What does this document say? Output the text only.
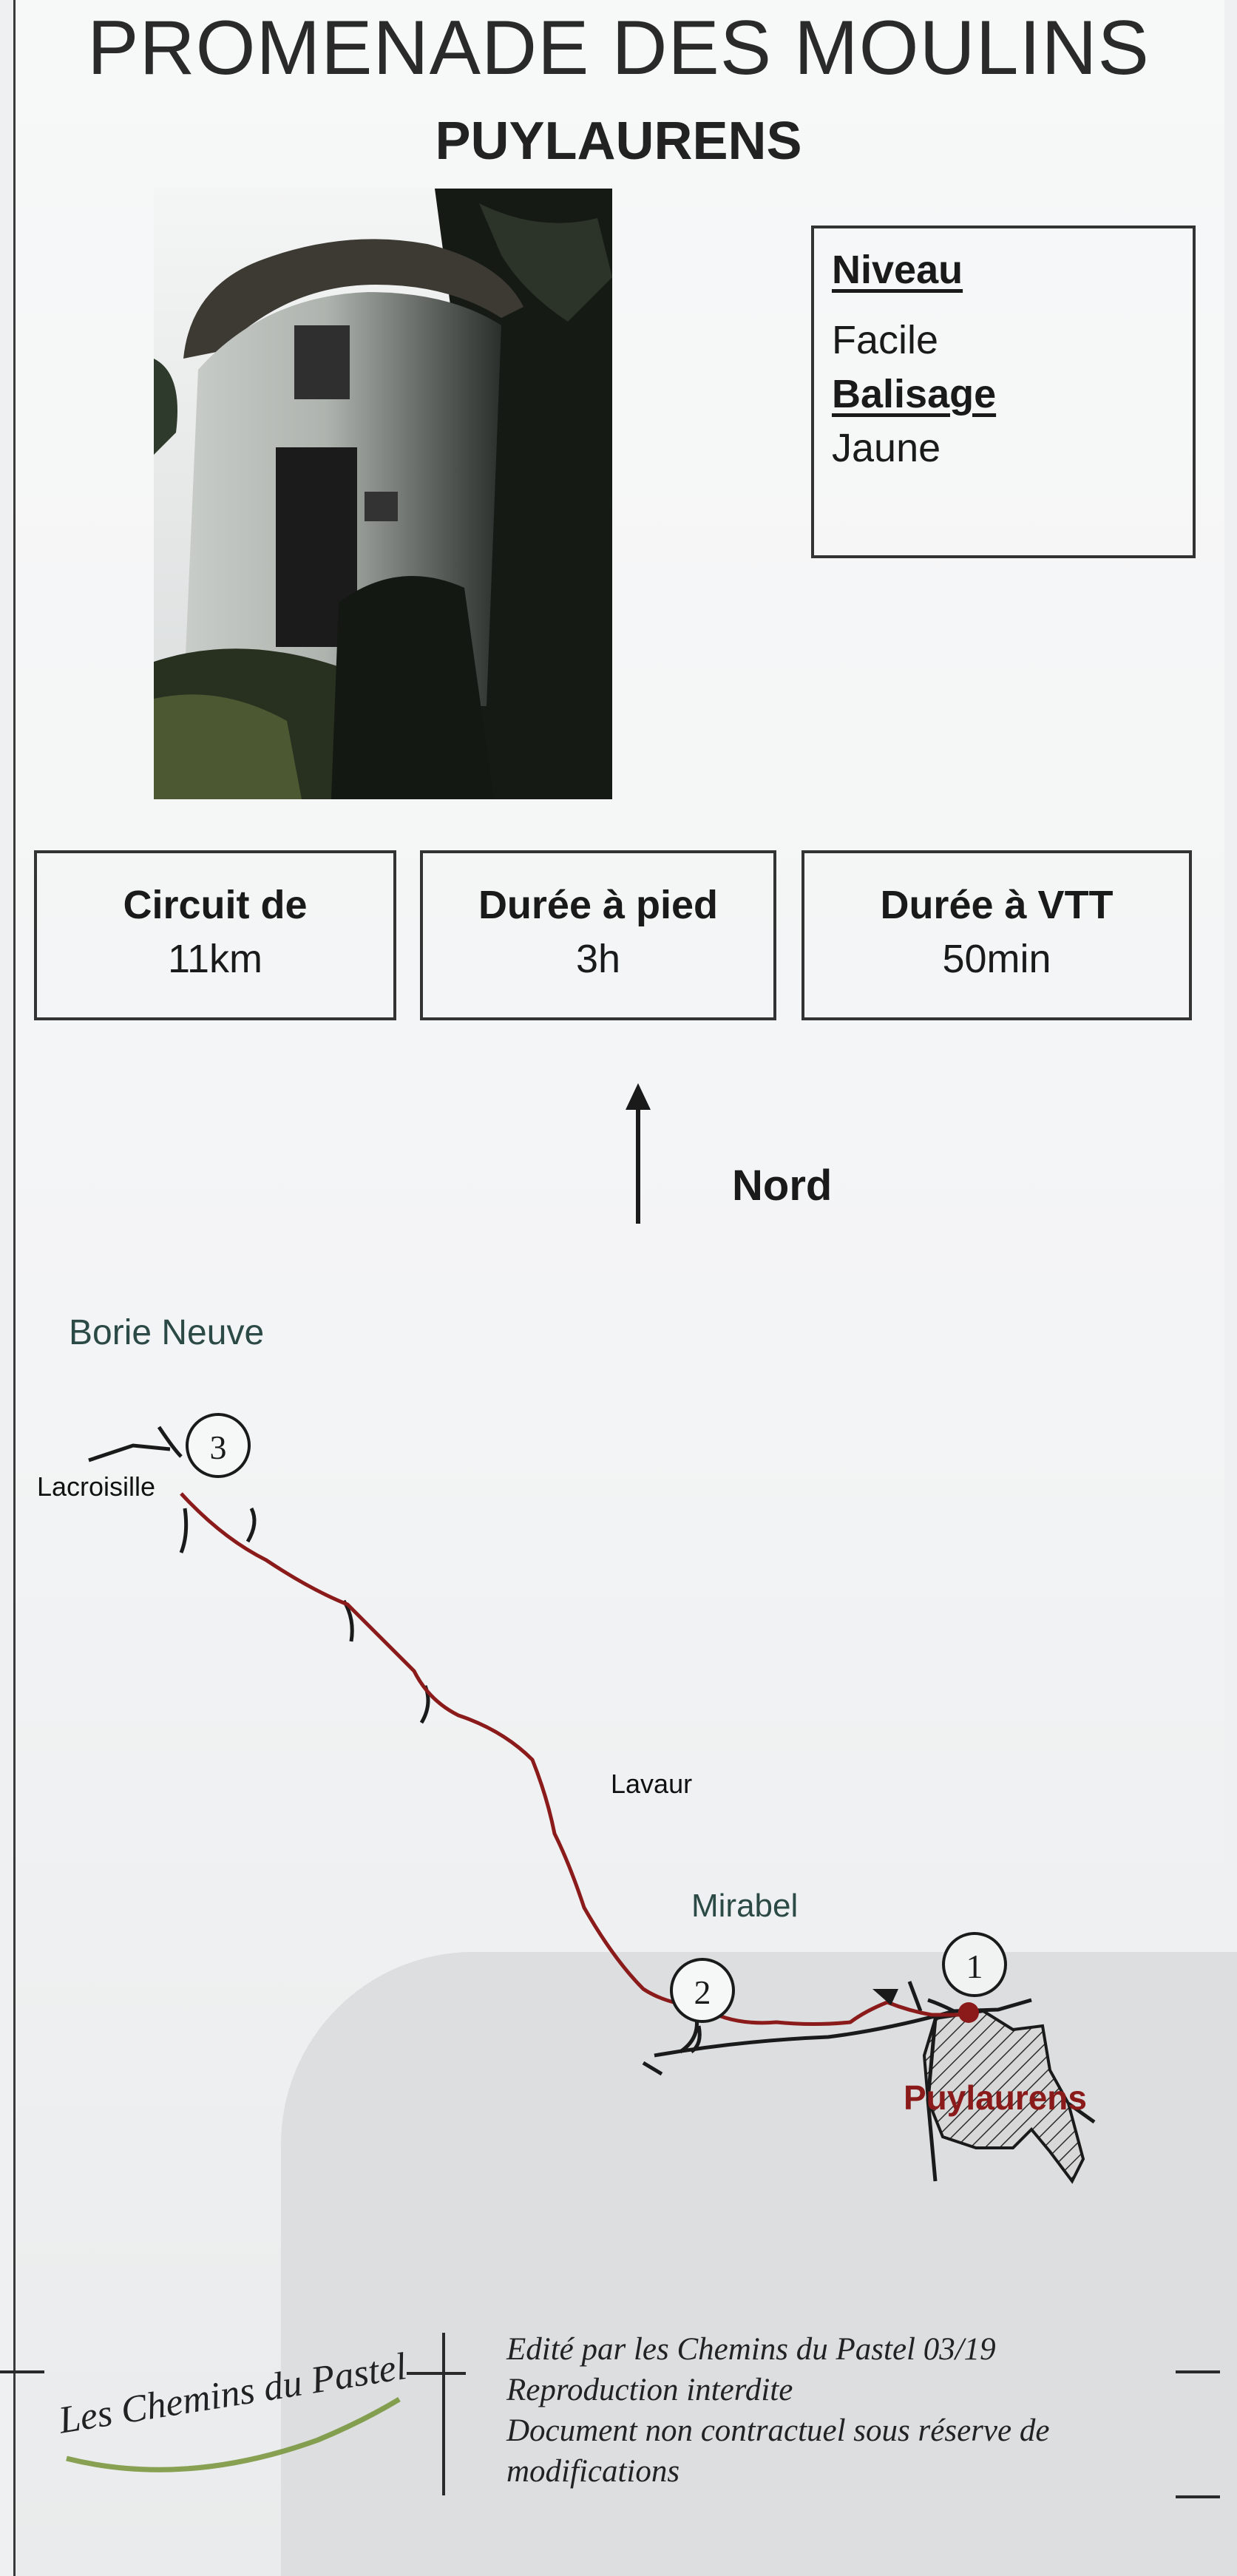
PROMENADE DES MOULINS
PUYLAURENS
Niveau
Facile
Balisage
Jaune
Circuit de
11km
Durée à pied
3h
Durée à VTT
50min
Nord
3
2
1
Borie Neuve
Lacroisille
Lavaur
Mirabel
Puylaurens
Les Chemins du Pastel	Edité par les Chemins du Pastel 03/19
Reproduction interdite
Document non contractuel sous réserve de
modifications
